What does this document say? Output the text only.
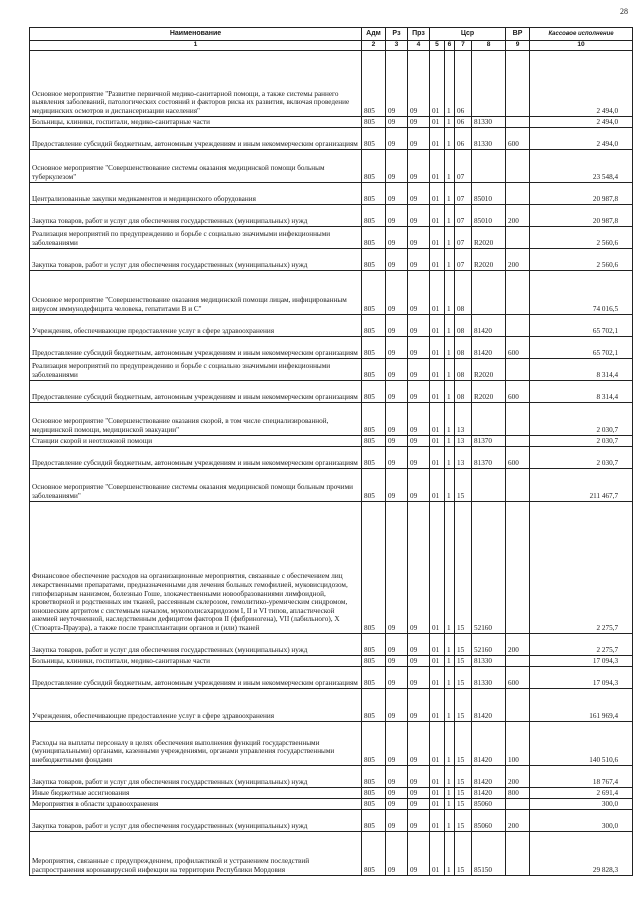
28
Наименование	Адм	Рз	Прз	Цср				ВР	Кассовое исполнение
1	2	3	4	5	6	7	8	9	10
Основное мероприятие "Развитие первичной медико-санитарной помощи, а также системы раннего выявления заболеваний, патологических состояний и факторов риска их развития, включая проведение медицинских осмотров и диспансеризации населения"	805	09	09	01	1	06			2 494,0
Больницы, клиники, госпитали, медико-санитарные части	805	09	09	01	1	06	81330		2 494,0
Предоставление субсидий бюджетным, автономным учреждениям и иным некоммерческим организациям	805	09	09	01	1	06	81330	600	2 494,0
Основное мероприятие "Совершенствование системы оказания медицинской помощи больным туберкулезом"	805	09	09	01	1	07			23 548,4
Централизованные закупки медикаментов и медицинского оборудования	805	09	09	01	1	07	85010		20 987,8
Закупка товаров, работ и услуг для обеспечения государственных (муниципальных) нужд	805	09	09	01	1	07	85010	200	20 987,8
Реализация мероприятий по предупреждению и борьбе с социально значимыми инфекционными заболеваниями	805	09	09	01	1	07	R2020		2 560,6
Закупка товаров, работ и услуг для обеспечения государственных (муниципальных) нужд	805	09	09	01	1	07	R2020	200	2 560,6
Основное мероприятие "Совершенствование оказания медицинской помощи лицам, инфицированным вирусом иммунодефицита человека, гепатитами B и C"	805	09	09	01	1	08			74 016,5
Учреждения, обеспечивающие предоставление услуг в сфере здравоохранения	805	09	09	01	1	08	81420		65 702,1
Предоставление субсидий бюджетным, автономным учреждениям и иным некоммерческим организациям	805	09	09	01	1	08	81420	600	65 702,1
Реализация мероприятий по предупреждению и борьбе с социально значимыми инфекционными заболеваниями	805	09	09	01	1	08	R2020		8 314,4
Предоставление субсидий бюджетным, автономным учреждениям и иным некоммерческим организациям	805	09	09	01	1	08	R2020	600	8 314,4
Основное мероприятие "Совершенствование оказания скорой, в том числе специализированной, медицинской помощи, медицинской эвакуации"	805	09	09	01	1	13			2 030,7
Станции скорой и неотложной помощи	805	09	09	01	1	13	81370		2 030,7
Предоставление субсидий бюджетным, автономным учреждениям и иным некоммерческим организациям	805	09	09	01	1	13	81370	600	2 030,7
Основное мероприятие "Совершенствование системы оказания медицинской помощи больным прочими заболеваниями"	805	09	09	01	1	15			211 467,7
Финансовое обеспечение расходов на организационные мероприятия, связанные с обеспечением лиц лекарственными препаратами, предназначенными для лечения больных гемофилией, муковисцидозом, гипофизарным нанизмом, болезнью Гоше, злокачественными новообразованиями лимфоидной, кроветворной и родственных им тканей, рассеянным склерозом, гемолитико-уремическим синдромом, юношеским артритом с системным началом, мукополисахаридозом I, II и VI типов, апластической анемией неуточненной, наследственным дефицитом факторов II (фибриногена), VII (лабильного), X (Стюарта-Праузра), а также после трансплантации органов и (или) тканей	805	09	09	01	1	15	52160		2 275,7
Закупка товаров, работ и услуг для обеспечения государственных (муниципальных) нужд	805	09	09	01	1	15	52160	200	2 275,7
Больницы, клиники, госпитали, медико-санитарные части	805	09	09	01	1	15	81330		17 094,3
Предоставление субсидий бюджетным, автономным учреждениям и иным некоммерческим организациям	805	09	09	01	1	15	81330	600	17 094,3
Учреждения, обеспечивающие предоставление услуг в сфере здравоохранения	805	09	09	01	1	15	81420		161 969,4
Расходы на выплаты персоналу в целях обеспечения выполнения функций государственными (муниципальными) органами, казенными учреждениями, органами управления государственными внебюджетными фондами	805	09	09	01	1	15	81420	100	140 510,6
Закупка товаров, работ и услуг для обеспечения государственных (муниципальных) нужд	805	09	09	01	1	15	81420	200	18 767,4
Иные бюджетные ассигнования	805	09	09	01	1	15	81420	800	2 691,4
Мероприятия в области здравоохранения	805	09	09	01	1	15	85060		300,0
Закупка товаров, работ и услуг для обеспечения государственных (муниципальных) нужд	805	09	09	01	1	15	85060	200	300,0
Мероприятия, связанные с предупреждением, профилактикой и устранением последствий распространения коронавирусной инфекции на территории Республики Мордовия	805	09	09	01	1	15	85150		29 828,3
